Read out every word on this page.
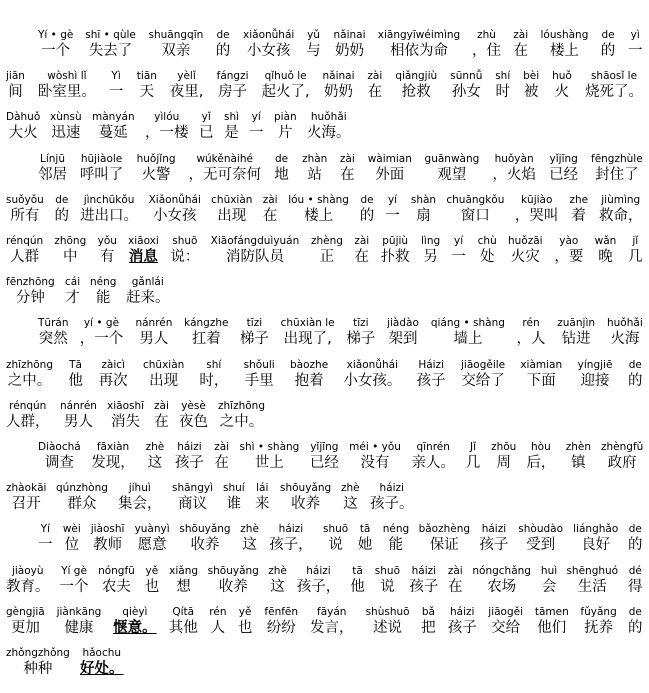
Yí • gè
一个
shī • qùle
失去了
shuāngqīn
双亲
de
的
xiǎonǚhái
小女孩
yǔ
与
nǎinai
奶奶
xiāngyīwéimìng
相依为命
zhù
，住
zài
在
lóushàng
楼上
de
的
yì
一
jiān
间
wòshì lǐ
卧室里。
Yì
一
tiān
天
yèlǐ
夜里,
fángzi
房子
qǐhuǒ le
起火了,
nǎinai
奶奶
zài
在
qiǎngjiù
抢救
sūnnǚ
孙女
shí
时
bèi
被
huǒ
火
shāosǐ le
烧死了。
Dàhuǒ
大火
xùnsù
迅速
mànyán
蔓延
yìlóu
，一楼
yǐ
已
shì
是
yí
一
piàn
片
huǒhǎi
火海。
Línjū
邻居
hūjiàole
呼叫了
huǒjǐng
火警
wúkěnàihé
，无可奈何
de
地
zhàn
站
zài
在
wàimian
外面
guānwàng
观望
huǒyàn
，火焰
yǐjīng
已经
fēngzhùle
封住了
suǒyǒu
所有
de
的
jìnchūkǒu
进出口。
Xiǎonǚhái
小女孩
chūxiàn
出现
zài
在
lóu • shàng
楼上
de
的
yí
一
shàn
扇
chuāngkǒu
窗口
kūjiào
，哭叫
zhe
着
jiùmìng
救命，
rénqún
人群
zhōng
中
yǒu
有
xiāoxi
消息
shuō
说：
Xiāofángduìyuán
消防队员
zhèng
正
zài
在
pūjiù
扑救
lìng
另
yí
一
chù
处
huǒzāi
火灾
yào
，要
wǎn
晚
jǐ
几
fēnzhōng
分钟
cái
才
néng
能
gǎnlái
赶来。
Tūrán
突然
yí • gè
，一个
nánrén
男人
kángzhe
扛着
tīzi
梯子
chūxiàn le
出现了,
tīzi
梯子
jiàdào
架到
qiáng • shàng
墙上
rén
，人
zuānjìn
钻进
huǒhǎi
火海
zhīzhōng
之中。
Tā
他
zàicì
再次
chūxiàn
出现
shí
时，
shǒuli
手里
bàozhe
抱着
xiǎonǚhái
小女孩。
Háizi
孩子
jiāogěile
交给了
xiàmian
下面
yíngjiē
迎接
de
的
rénqún
人群，
nánrén
男人
xiāoshī
消失
zài
在
yèsè
夜色
zhīzhōng
之中。
Diàochá
调查
fāxiàn
发现，
zhè
这
háizi
孩子
zài
在
shì • shàng
世上
yǐjīng
已经
méi • yǒu
没有
qīnrén
亲人。
Jǐ
几
zhōu
周
hòu
后，
zhèn
镇
zhèngfǔ
政府
zhàokāi
召开
qúnzhòng
群众
jíhuì
集会，
shāngyì
商议
shuí
谁
lái
来
shōuyǎng
收养
zhè
这
háizi
孩子。
Yí
一
wèi
位
jiàoshī
教师
yuànyì
愿意
shōuyǎng
收养
zhè
这
háizi
孩子，
shuō
说
tā
她
néng
能
bǎozhèng
保证
háizi
孩子
shòudào
受到
liánghǎo
良好
de
的
jiàoyù
教育。
Yí gè
一个
nóngfū
农夫
yě
也
xiǎng
想
shōuyǎng
收养
zhè
这
háizi
孩子，
tā
他
shuō
说
háizi
孩子
zài
在
nóngchǎng
农场
huì
会
shēnghuó
生活
dé
得
gèngjiā
更加
jiànkāng
健康
qièyì
惬意。
Qítā
其他
rén
人
yě
也
fēnfēn
纷纷
fāyán
发言，
shùshuō
述说
bǎ
把
háizi
孩子
jiāogěi
交给
tāmen
他们
fǔyǎng
抚养
de
的
zhǒngzhǒng
种种
hǎochu
好处。
